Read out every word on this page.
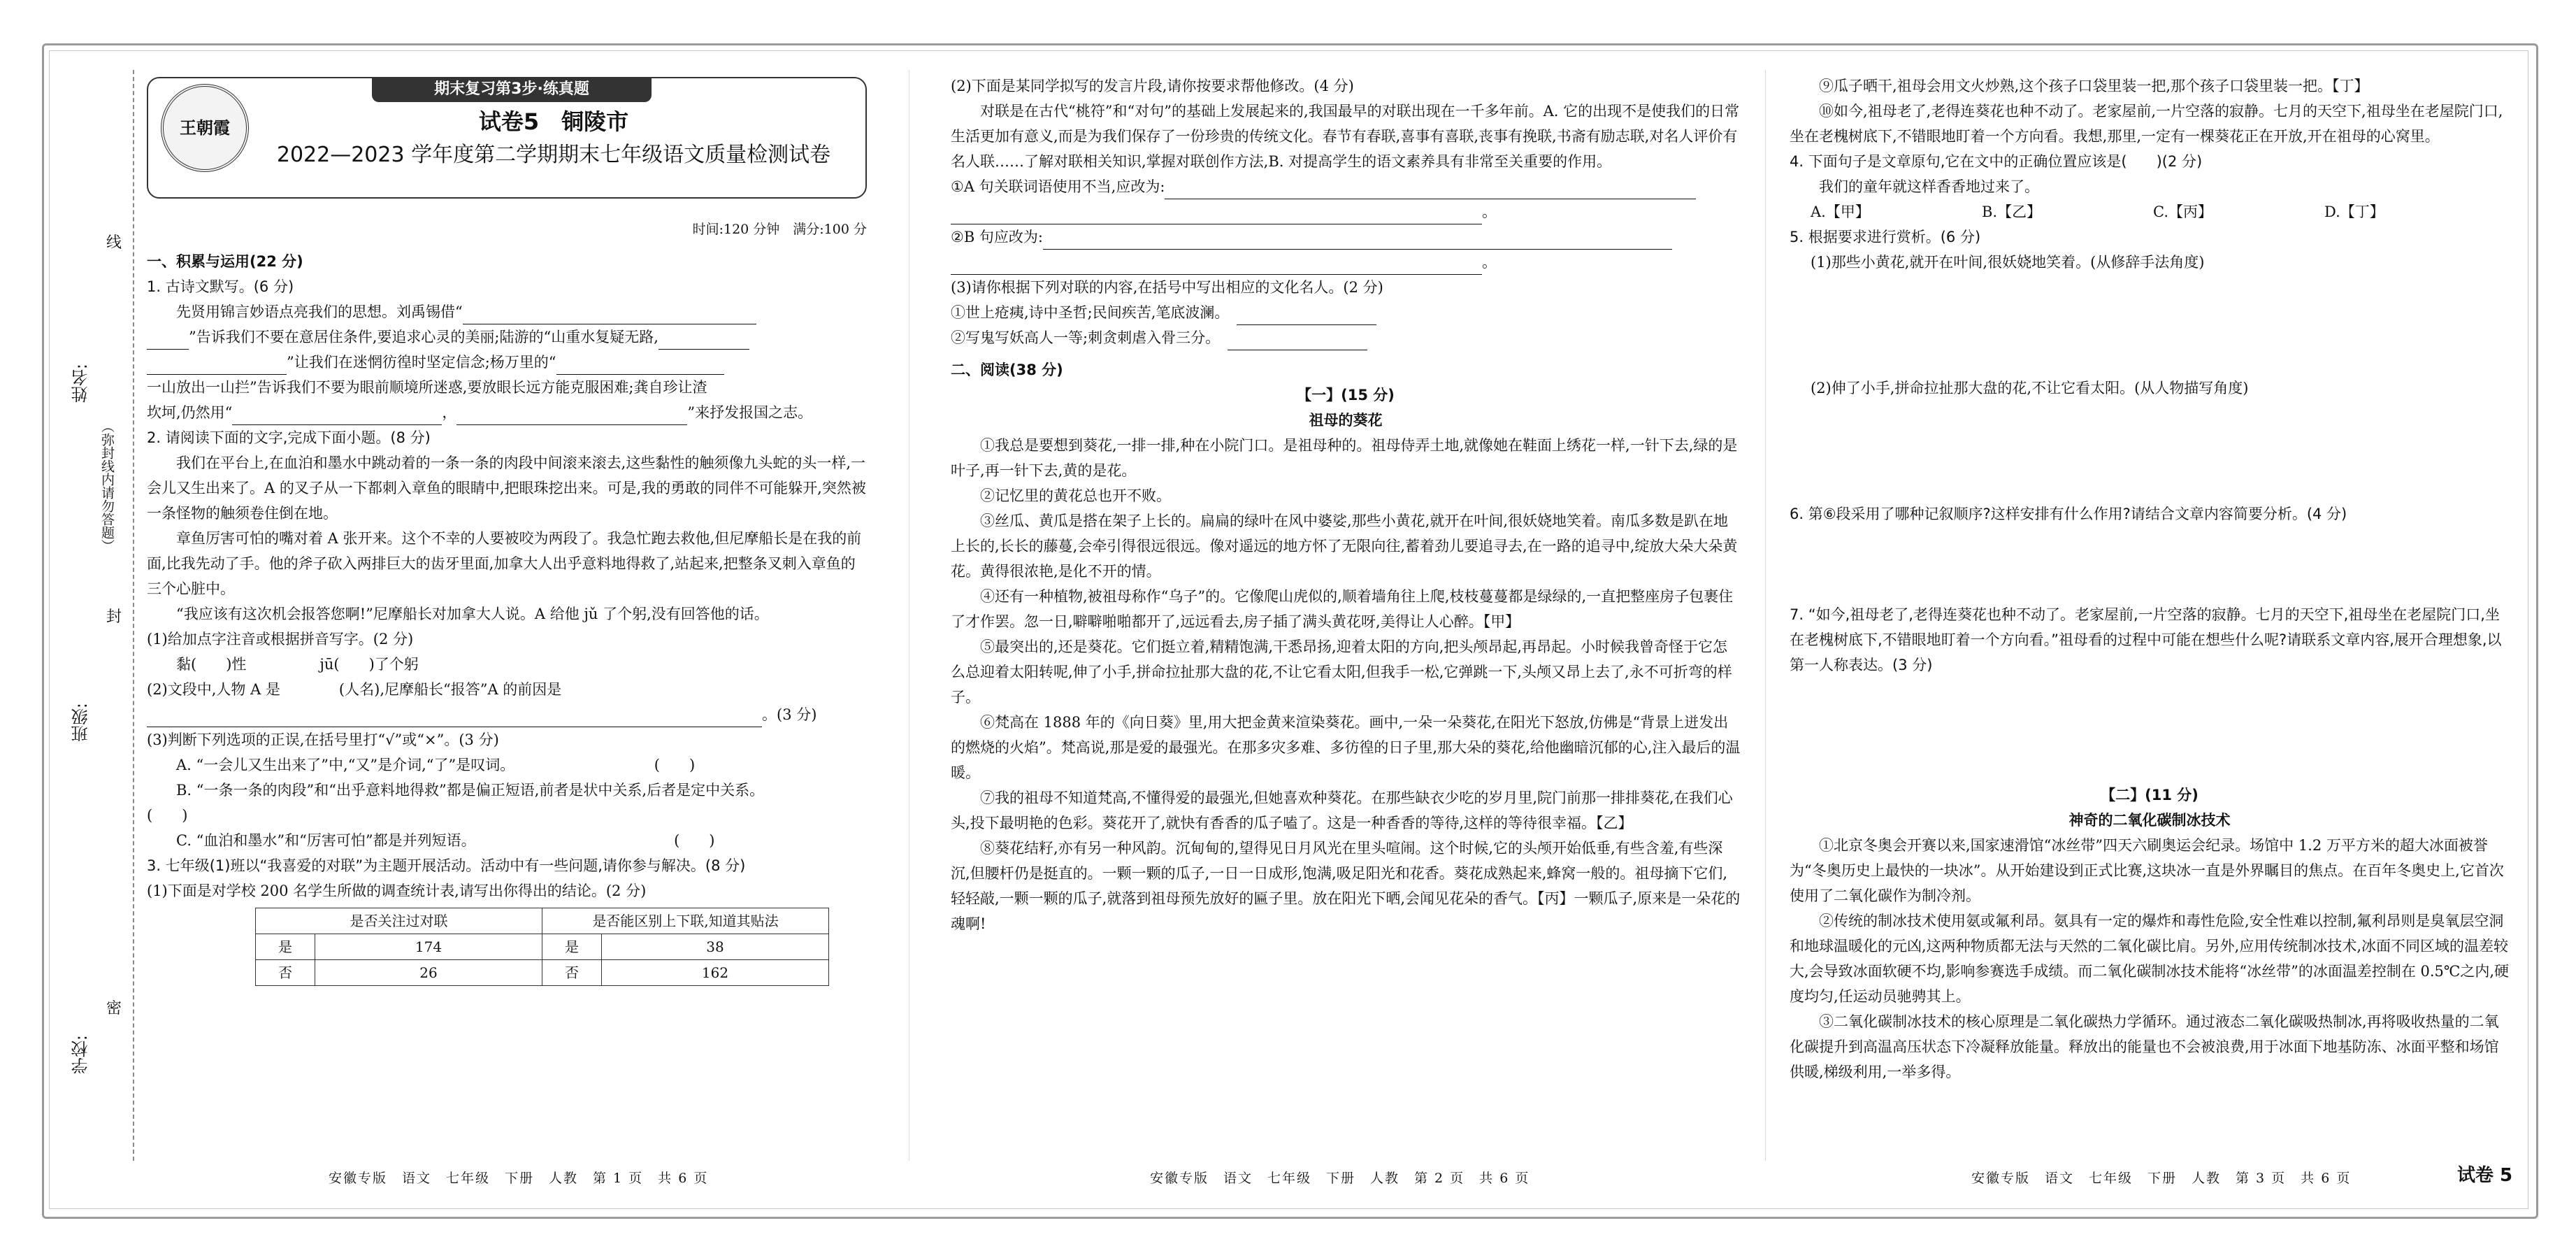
线
姓名:
（弥封线内请勿答题）
封
班级:
密
学校:
王朝霞
期末复习第3步·练真题
试卷5　铜陵市
2022—2023 学年度第二学期期末七年级语文质量检测试卷

时间:120 分钟　满分:100 分

一、积累与运用(22 分)

1. 古诗文默写。(6 分)

先贤用锦言妙语点亮我们的思想。刘禹锡借“

”告诉我们不要在意居住条件,要追求心灵的美丽;陆游的“山重水复疑无路,

”让我们在迷惘彷徨时坚定信念;杨万里的“

一山放出一山拦”告诉我们不要为眼前顺境所迷惑,要放眼长远方能克服困难;龚自珍让渣

坎坷,仍然用“	，	”来抒发报国之志。

2. 请阅读下面的文字,完成下面小题。(8 分)

我们在平台上,在血泊和墨水中跳动着的一条一条的肉段中间滚来滚去,这些黏性的触须像九头蛇的头一样,一会儿又生出来了。A 的叉子从一下都刺入章鱼的眼睛中,把眼珠挖出来。可是,我的勇敢的同伴不可能躲开,突然被一条怪物的触须卷住倒在地。

章鱼厉害可怕的嘴对着 A 张开来。这个不幸的人要被咬为两段了。我急忙跑去救他,但尼摩船长是在我的前面,比我先动了手。他的斧子砍入两排巨大的齿牙里面,加拿大人出乎意料地得救了,站起来,把整条叉刺入章鱼的三个心脏中。

“我应该有这次机会报答您啊!”尼摩船长对加拿大人说。A 给他 jǔ 了个躬,没有回答他的话。

(1)给加点字注音或根据拼音写字。(2 分)

黏(　　)性　　　　　jū(　　)了个躬

(2)文段中,人物 A 是　　　　(人名),尼摩船长“报答”A 的前因是

。(3 分)

(3)判断下列选项的正误,在括号里打“√”或“×”。(3 分)

A. “一会儿又生出来了”中,“又”是介词,“了”是叹词。　　　　　　　　　　(　　)

B. “一条一条的肉段”和“出乎意料地得救”都是偏正短语,前者是状中关系,后者是定中关系。　　　　　　　　　　　　　　　　　　　　　　　　　　　　(　　)

C. “血泊和墨水”和“厉害可怕”都是并列短语。　　　　　　　　　　　　　　(　　)

3. 七年级(1)班以“我喜爱的对联”为主题开展活动。活动中有一些问题,请你参与解决。(8 分)

(1)下面是对学校 200 名学生所做的调查统计表,请写出你得出的结论。(2 分)

是否关注过对联		是否能区别上下联,知道其贴法	
是	174	是	38
否	26	否	162

(2)下面是某同学拟写的发言片段,请你按要求帮他修改。(4 分)

对联是在古代“桃符”和“对句”的基础上发展起来的,我国最早的对联出现在一千多年前。A. 它的出现不是使我们的日常生活更加有意义,而是为我们保存了一份珍贵的传统文化。春节有春联,喜事有喜联,丧事有挽联,书斋有励志联,对名人评价有名人联……了解对联相关知识,掌握对联创作方法,B. 对提高学生的语文素养具有非常至关重要的作用。

①A 句关联词语使用不当,应改为:

。

②B 句应改为:

。

(3)请你根据下列对联的内容,在括号中写出相应的文化名人。(2 分)

①世上疮痍,诗中圣哲;民间疾苦,笔底波澜。　

②写鬼写妖高人一等;刺贪刺虐入骨三分。　

二、阅读(38 分)

【一】(15 分)

祖母的葵花

①我总是要想到葵花,一排一排,种在小院门口。是祖母种的。祖母侍弄土地,就像她在鞋面上绣花一样,一针下去,绿的是叶子,再一针下去,黄的是花。

②记忆里的黄花总也开不败。

③丝瓜、黄瓜是搭在架子上长的。扁扁的绿叶在风中婆娑,那些小黄花,就开在叶间,很妖娆地笑着。南瓜多数是趴在地上长的,长长的藤蔓,会牵引得很远很远。像对遥远的地方怀了无限向往,蓄着劲儿要追寻去,在一路的追寻中,绽放大朵大朵黄花。黄得很浓艳,是化不开的情。

④还有一种植物,被祖母称作“乌子”的。它像爬山虎似的,顺着墙角往上爬,枝枝蔓蔓都是绿绿的,一直把整座房子包裹住了才作罢。忽一日,噼噼啪啪都开了,远远看去,房子插了满头黄花呀,美得让人心醉。【甲】

⑤最突出的,还是葵花。它们挺立着,精精饱满,干悉昂扬,迎着太阳的方向,把头颅昂起,再昂起。小时候我曾奇怪于它怎么总迎着太阳转呢,伸了小手,拼命拉扯那大盘的花,不让它看太阳,但我手一松,它弹跳一下,头颅又昂上去了,永不可折弯的样子。

⑥梵高在 1888 年的《向日葵》里,用大把金黄来渲染葵花。画中,一朵一朵葵花,在阳光下怒放,仿佛是“背景上迸发出的燃烧的火焰”。梵高说,那是爱的最强光。在那多灾多难、多彷徨的日子里,那大朵的葵花,给他幽暗沉郁的心,注入最后的温暖。

⑦我的祖母不知道梵高,不懂得爱的最强光,但她喜欢种葵花。在那些缺衣少吃的岁月里,院门前那一排排葵花,在我们心头,投下最明艳的色彩。葵花开了,就快有香香的瓜子嗑了。这是一种香香的等待,这样的等待很幸福。【乙】

⑧葵花结籽,亦有另一种风韵。沉甸甸的,望得见日月风光在里头喧闹。这个时候,它的头颅开始低垂,有些含羞,有些深沉,但腰杆仍是挺直的。一颗一颗的瓜子,一日一日成形,饱满,吸足阳光和花香。葵花成熟起来,蜂窝一般的。祖母摘下它们,轻轻敲,一颗一颗的瓜子,就落到祖母预先放好的匾子里。放在阳光下晒,会闻见花朵的香气。【丙】一颗瓜子,原来是一朵花的魂啊!

⑨瓜子晒干,祖母会用文火炒熟,这个孩子口袋里装一把,那个孩子口袋里装一把。【丁】

⑩如今,祖母老了,老得连葵花也种不动了。老家屋前,一片空落的寂静。七月的天空下,祖母坐在老屋院门口,坐在老槐树底下,不错眼地盯着一个方向看。我想,那里,一定有一棵葵花正在开放,开在祖母的心窝里。

4. 下面句子是文章原句,它在文中的正确位置应该是(　　)(2 分)

我们的童年就这样香香地过来了。

A.【甲】	B.【乙】	C.【丙】	D.【丁】

5. 根据要求进行赏析。(6 分)

(1)那些小黄花,就开在叶间,很妖娆地笑着。(从修辞手法角度)

(2)伸了小手,拼命拉扯那大盘的花,不让它看太阳。(从人物描写角度)

6. 第⑥段采用了哪种记叙顺序?这样安排有什么作用?请结合文章内容简要分析。(4 分)

7. “如今,祖母老了,老得连葵花也种不动了。老家屋前,一片空落的寂静。七月的天空下,祖母坐在老屋院门口,坐在老槐树底下,不错眼地盯着一个方向看。”祖母看的过程中可能在想些什么呢?请联系文章内容,展开合理想象,以第一人称表达。(3 分)

【二】(11 分)

神奇的二氧化碳制冰技术

①北京冬奥会开赛以来,国家速滑馆“冰丝带”四天六刷奥运会纪录。场馆中 1.2 万平方米的超大冰面被誉为“冬奥历史上最快的一块冰”。从开始建设到正式比赛,这块冰一直是外界瞩目的焦点。在百年冬奥史上,它首次使用了二氧化碳作为制冷剂。

②传统的制冰技术使用氨或氟利昂。氨具有一定的爆炸和毒性危险,安全性难以控制,氟利昂则是臭氧层空洞和地球温暖化的元凶,这两种物质都无法与天然的二氧化碳比肩。另外,应用传统制冰技术,冰面不同区域的温差较大,会导致冰面软硬不均,影响参赛选手成绩。而二氧化碳制冰技术能将“冰丝带”的冰面温差控制在 0.5℃之内,硬度均匀,任运动员驰骋其上。

③二氧化碳制冰技术的核心原理是二氧化碳热力学循环。通过液态二氧化碳吸热制冰,再将吸收热量的二氧化碳提升到高温高压状态下冷凝释放能量。释放出的能量也不会被浪费,用于冰面下地基防冻、冰面平整和场馆供暖,梯级利用,一举多得。

安徽专版　语文　七年级　下册　人教　第 1 页　共 6 页	安徽专版　语文　七年级　下册　人教　第 2 页　共 6 页	安徽专版　语文　七年级　下册　人教　第 3 页　共 6 页	试卷 5
